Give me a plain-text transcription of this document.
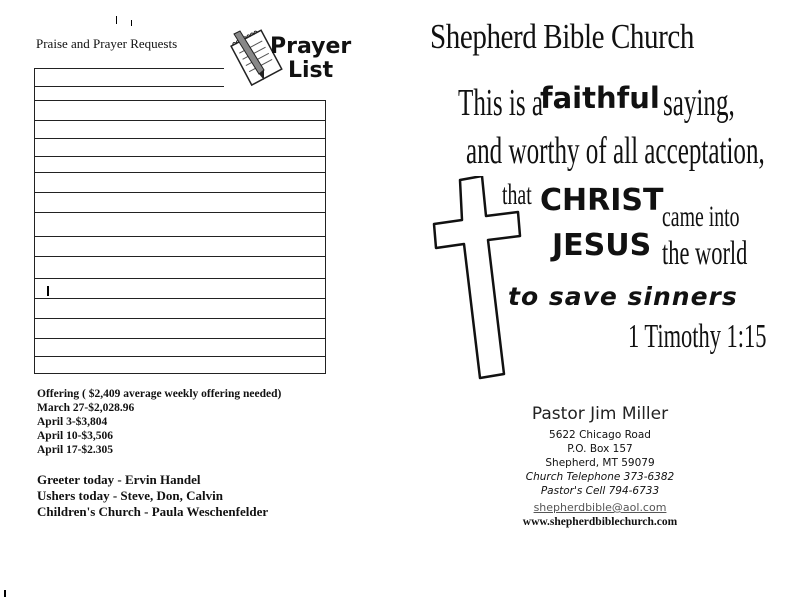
Praise and Prayer Requests	Prayer
List
Offering ( $2,409 average weekly offering needed)
March 27-$2,028.96
April 3-$3,804
April 10-$3,506
April 17-$2.305
Greeter today - Ervin Handel
Ushers today - Steve, Don, Calvin
Children's Church - Paula Weschenfelder
Shepherd Bible Church
This is a
faithful saying,
and worthy of all acceptation,
that CHRIST
came into
JESUS the world
to save sinners
1 Timothy 1:15
Pastor Jim Miller
5622 Chicago Road
P.O. Box 157
Shepherd, MT 59079
Church Telephone 373-6382
Pastor's Cell 794-6733
shepherdbible@aol.com
www.shepherdbiblechurch.com
